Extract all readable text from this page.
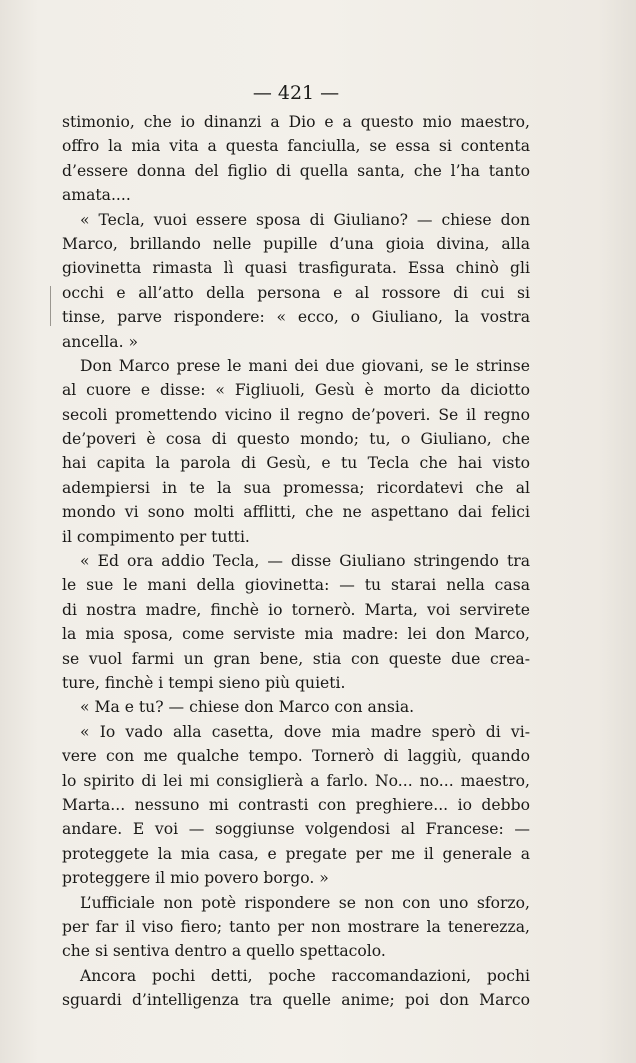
— 421 —
stimonio, che io dinanzi a Dio e a questo mio maestro,
offro la mia vita a questa fanciulla, se essa si contenta
d’essere donna del figlio di quella santa, che l’ha tanto
amata....
« Tecla, vuoi essere sposa di Giuliano? — chiese don
Marco, brillando nelle pupille d’una gioia divina, alla
giovinetta rimasta lì quasi trasfigurata. Essa chinò gli
occhi e all’atto della persona e al rossore di cui si
tinse, parve rispondere: « ecco, o Giuliano, la vostra
ancella. »
Don Marco prese le mani dei due giovani, se le strinse
al cuore e disse: « Figliuoli, Gesù è morto da diciotto
secoli promettendo vicino il regno de’poveri. Se il regno
de’poveri è cosa di questo mondo; tu, o Giuliano, che
hai capita la parola di Gesù, e tu Tecla che hai visto
adempiersi in te la sua promessa; ricordatevi che al
mondo vi sono molti afflitti, che ne aspettano dai felici
il compimento per tutti.
« Ed ora addio Tecla, — disse Giuliano stringendo tra
le sue le mani della giovinetta: — tu starai nella casa
di nostra madre, finchè io tornerò. Marta, voi servirete
la mia sposa, come serviste mia madre: lei don Marco,
se vuol farmi un gran bene, stia con queste due crea-
ture, finchè i tempi sieno più quieti.
« Ma e tu? — chiese don Marco con ansia.
« Io vado alla casetta, dove mia madre sperò di vi-
vere con me qualche tempo. Tornerò di laggiù, quando
lo spirito di lei mi consiglierà a farlo. No... no... maestro,
Marta... nessuno mi contrasti con preghiere... io debbo
andare. E voi — soggiunse volgendosi al Francese: —
proteggete la mia casa, e pregate per me il generale a
proteggere il mio povero borgo. »
L’ufficiale non potè rispondere se non con uno sforzo,
per far il viso fiero; tanto per non mostrare la tenerezza,
che si sentiva dentro a quello spettacolo.
Ancora pochi detti, poche raccomandazioni, pochi
sguardi d’intelligenza tra quelle anime; poi don Marco
